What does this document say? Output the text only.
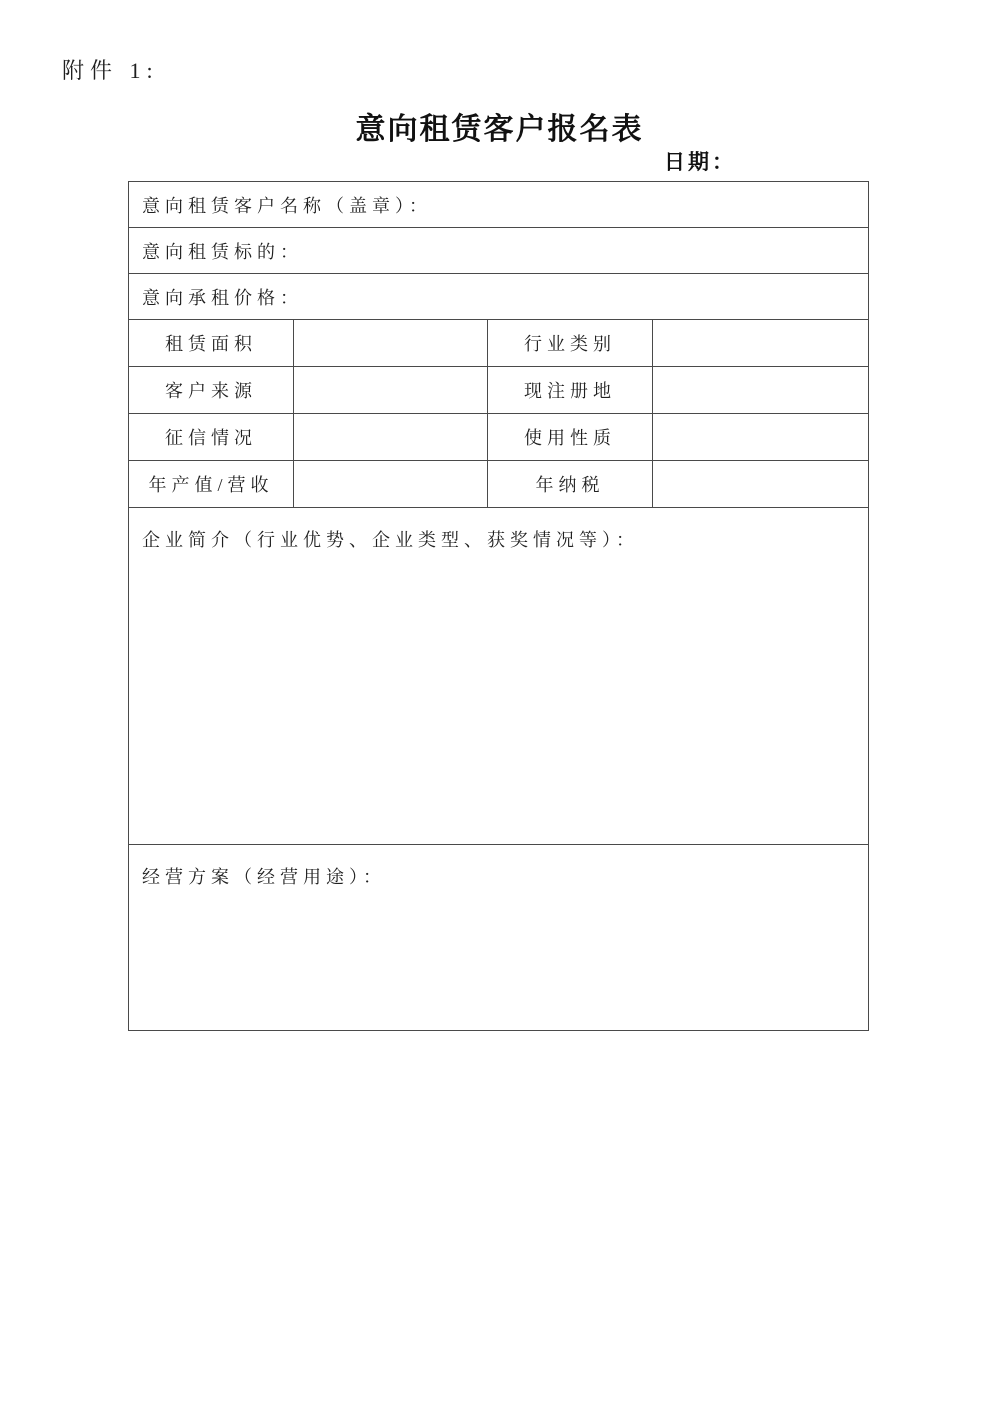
附件 1:
意向租赁客户报名表
日期：
意向租赁客户名称（盖章）：			
意向租赁标的：			
意向承租价格：			
租赁面积		行业类别	
客户来源		现注册地	
征信情况		使用性质	
年产值/营收		年纳税	
企业简介（行业优势、企业类型、获奖情况等）：			
经营方案（经营用途）：			
